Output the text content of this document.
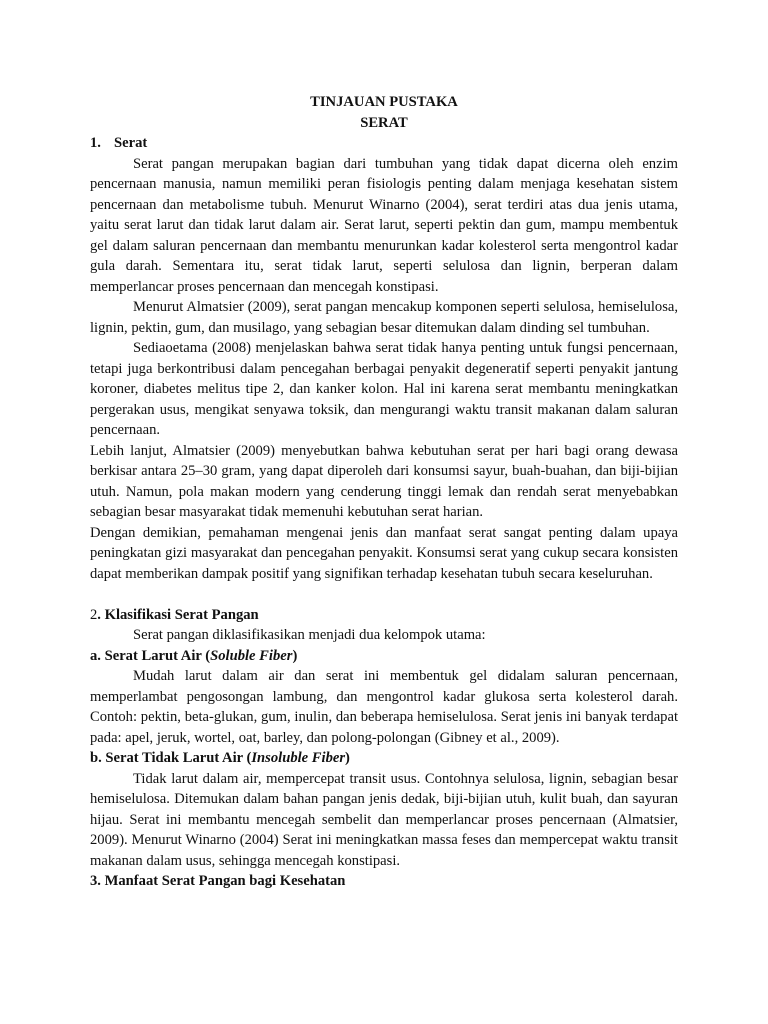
TINJAUAN PUSTAKA
SERAT
1. Serat

Serat pangan merupakan bagian dari tumbuhan yang tidak dapat dicerna oleh enzim pencernaan manusia, namun memiliki peran fisiologis penting dalam menjaga kesehatan sistem pencernaan dan metabolisme tubuh. Menurut Winarno (2004), serat terdiri atas dua jenis utama, yaitu serat larut dan tidak larut dalam air. Serat larut, seperti pektin dan gum, mampu membentuk gel dalam saluran pencernaan dan membantu menurunkan kadar kolesterol serta mengontrol kadar gula darah. Sementara itu, serat tidak larut, seperti selulosa dan lignin, berperan dalam memperlancar proses pencernaan dan mencegah konstipasi.

Menurut Almatsier (2009), serat pangan mencakup komponen seperti selulosa, hemiselulosa, lignin, pektin, gum, dan musilago, yang sebagian besar ditemukan dalam dinding sel tumbuhan.

Sediaoetama (2008) menjelaskan bahwa serat tidak hanya penting untuk fungsi pencernaan, tetapi juga berkontribusi dalam pencegahan berbagai penyakit degeneratif seperti penyakit jantung koroner, diabetes melitus tipe 2, dan kanker kolon. Hal ini karena serat membantu meningkatkan pergerakan usus, mengikat senyawa toksik, dan mengurangi waktu transit makanan dalam saluran pencernaan.

Lebih lanjut, Almatsier (2009) menyebutkan bahwa kebutuhan serat per hari bagi orang dewasa berkisar antara 25–30 gram, yang dapat diperoleh dari konsumsi sayur, buah-buahan, dan biji-bijian utuh. Namun, pola makan modern yang cenderung tinggi lemak dan rendah serat menyebabkan sebagian besar masyarakat tidak memenuhi kebutuhan serat harian.

Dengan demikian, pemahaman mengenai jenis dan manfaat serat sangat penting dalam upaya peningkatan gizi masyarakat dan pencegahan penyakit. Konsumsi serat yang cukup secara konsisten dapat memberikan dampak positif yang signifikan terhadap kesehatan tubuh secara keseluruhan.

2. Klasifikasi Serat Pangan

Serat pangan diklasifikasikan menjadi dua kelompok utama:

a. Serat Larut Air (Soluble Fiber)

Mudah larut dalam air dan serat ini membentuk gel didalam saluran pencernaan, memperlambat pengosongan lambung, dan mengontrol kadar glukosa serta kolesterol darah. Contoh: pektin, beta-glukan, gum, inulin, dan beberapa hemiselulosa. Serat jenis ini banyak terdapat pada: apel, jeruk, wortel, oat, barley, dan polong-polongan (Gibney et al., 2009).

b. Serat Tidak Larut Air (Insoluble Fiber)

Tidak larut dalam air, mempercepat transit usus. Contohnya selulosa, lignin, sebagian besar hemiselulosa. Ditemukan dalam bahan pangan jenis dedak, biji-bijian utuh, kulit buah, dan sayuran hijau. Serat ini membantu mencegah sembelit dan memperlancar proses pencernaan (Almatsier, 2009). Menurut Winarno (2004) Serat ini meningkatkan massa feses dan mempercepat waktu transit makanan dalam usus, sehingga mencegah konstipasi.

3. Manfaat Serat Pangan bagi Kesehatan
